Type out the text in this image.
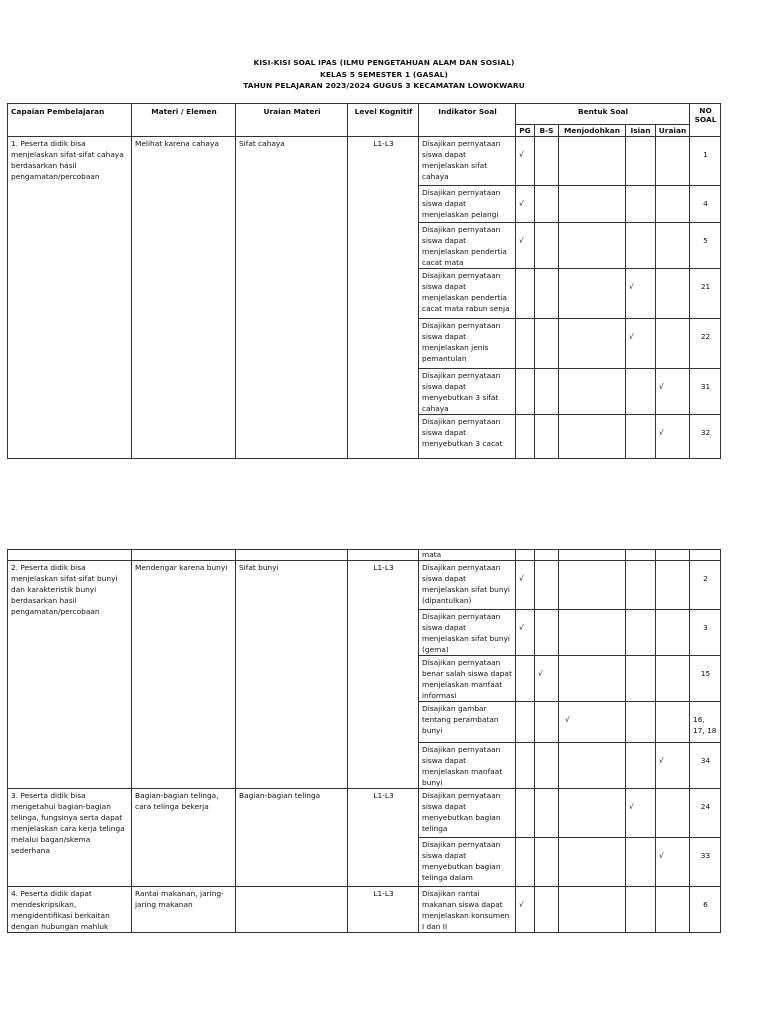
KISI-KISI SOAL IPAS (ILMU PENGETAHUAN ALAM DAN SOSIAL)
KELAS 5 SEMESTER 1 (GASAL)
TAHUN PELAJARAN 2023/2024 GUGUS 3 KECAMATAN LOWOKWARU
Capaian Pembelajaran	Materi / Elemen	Uraian Materi	Level Kognitif	Indikator Soal	Bentuk Soal					NO SOAL
					PG	B-S	Menjodohkan	Isian	Uraian	
1. Peserta didik bisa menjelaskan sifat-sifat cahaya berdasarkan hasil pengamatan/percobaan	Melihat karena cahaya	Sifat cahaya	L1-L3	Disajikan pernyataan siswa dapat menjelaskan sifat cahaya	√					1
				Disajikan pernyataan siswa dapat menjelaskan pelangi	√					4
				Disajikan pernyataan siswa dapat menjelaskan pendertia cacat mata	√					5
				Disajikan pernyataan siswa dapat menjelaskan pendertia cacat mata rabun senja				√		21
				Disajikan pernyataan siswa dapat menjelaskan jenis pemantulan				√		22
				Disajikan pernyataan siswa dapat menyebutkan 3 sifat cahaya					√	31
				Disajikan pernyataan siswa dapat menyebutkan 3 cacat					√	32
				mata						
2. Peserta didik bisa menjelaskan sifat-sifat bunyi dan karakteristik bunyi berdasarkan hasil pengamatan/percobaan	Mendengar karena bunyi	Sifat bunyi	L1-L3	Disajikan pernyataan siswa dapat menjelaskan sifat bunyi (dipantulkan)	√					2
				Disajikan pernyataan siswa dapat menjelaskan sifat bunyi (gema)	√					3
				Disajikan pernyataan benar salah siswa dapat menjelaskan manfaat informasi		√				15
				Disajikan gambar tentang perambatan bunyi			√			16, 17, 18
				Disajikan pernyataan siswa dapat menjelaskan manfaat bunyi					√	34
3. Peserta didik bisa mengetahui bagian-bagian telinga, fungsinya serta dapat menjelaskan cara kerja telinga melalui bagan/skema sederhana	Bagian-bagian telinga, cara telinga bekerja	Bagian-bagian telinga	L1-L3	Disajikan pernyataan siswa dapat menyebutkan bagian telinga				√		24
				Disajikan pernyataan siswa dapat menyebutkan bagian telinga dalam					√	33
4. Peserta didik dapat mendeskripsikan, mengidentifikasi berkaitan dengan hubungan mahluk	Rantai makanan, jaring-jaring makanan		L1-L3	Disajikan rantai makanan siswa dapat menjelaskan konsumen I dan II	√					6
